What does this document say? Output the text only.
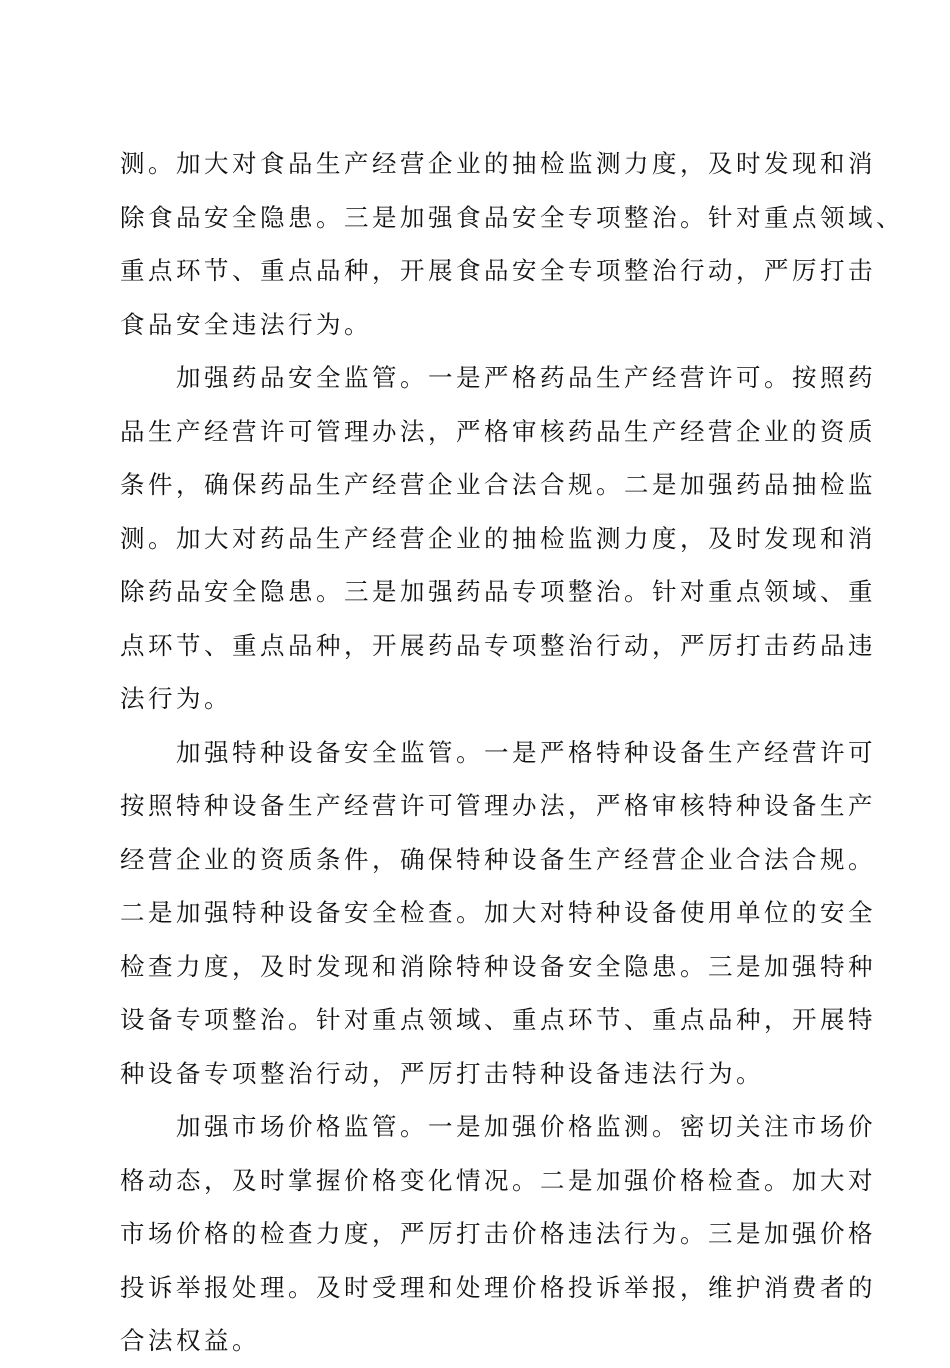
测。加大对食品生产经营企业的抽检监测力度，及时发现和消
除食品安全隐患。三是加强食品安全专项整治。针对重点领域、
重点环节、重点品种，开展食品安全专项整治行动，严厉打击
食品安全违法行为。

加强药品安全监管。一是严格药品生产经营许可。按照药
品生产经营许可管理办法，严格审核药品生产经营企业的资质
条件，确保药品生产经营企业合法合规。二是加强药品抽检监
测。加大对药品生产经营企业的抽检监测力度，及时发现和消
除药品安全隐患。三是加强药品专项整治。针对重点领域、重
点环节、重点品种，开展药品专项整治行动，严厉打击药品违
法行为。

加强特种设备安全监管。一是严格特种设备生产经营许可
按照特种设备生产经营许可管理办法，严格审核特种设备生产
经营企业的资质条件，确保特种设备生产经营企业合法合规。
二是加强特种设备安全检查。加大对特种设备使用单位的安全
检查力度，及时发现和消除特种设备安全隐患。三是加强特种
设备专项整治。针对重点领域、重点环节、重点品种，开展特
种设备专项整治行动，严厉打击特种设备违法行为。

加强市场价格监管。一是加强价格监测。密切关注市场价
格动态，及时掌握价格变化情况。二是加强价格检查。加大对
市场价格的检查力度，严厉打击价格违法行为。三是加强价格
投诉举报处理。及时受理和处理价格投诉举报，维护消费者的
合法权益。
